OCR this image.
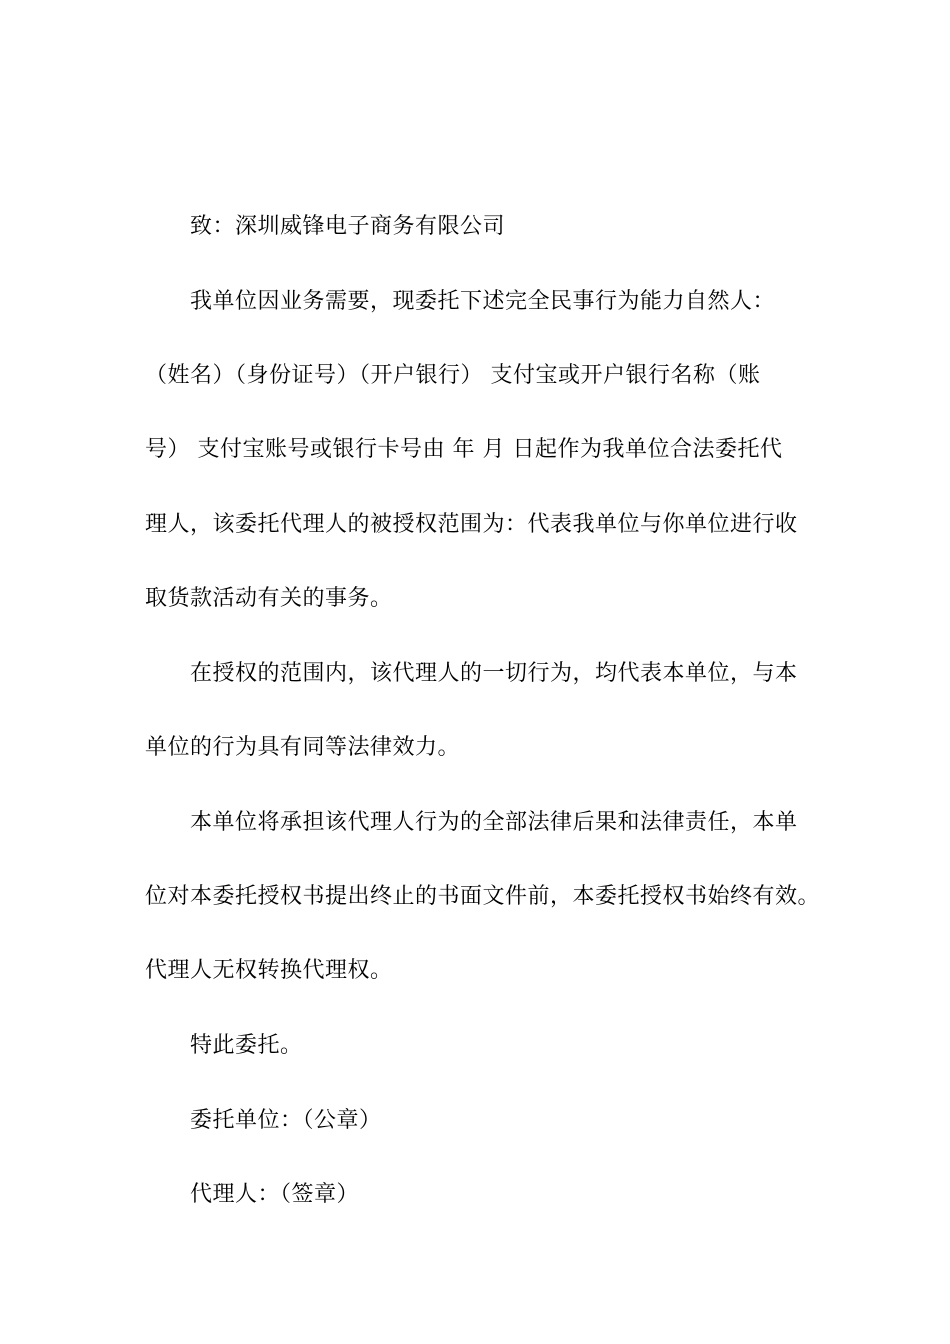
致：深圳威锋电子商务有限公司
我单位因业务需要，现委托下述完全民事行为能力自然人：
（姓名）（身份证号）（开户银行） 支付宝或开户银行名称（账
号） 支付宝账号或银行卡号由 年 月 日起作为我单位合法委托代
理人，该委托代理人的被授权范围为：代表我单位与你单位进行收
取货款活动有关的事务。
在授权的范围内，该代理人的一切行为，均代表本单位，与本
单位的行为具有同等法律效力。
本单位将承担该代理人行为的全部法律后果和法律责任，本单
位对本委托授权书提出终止的书面文件前，本委托授权书始终有效。
代理人无权转换代理权。
特此委托。
委托单位：（公章）
代理人：（签章）
